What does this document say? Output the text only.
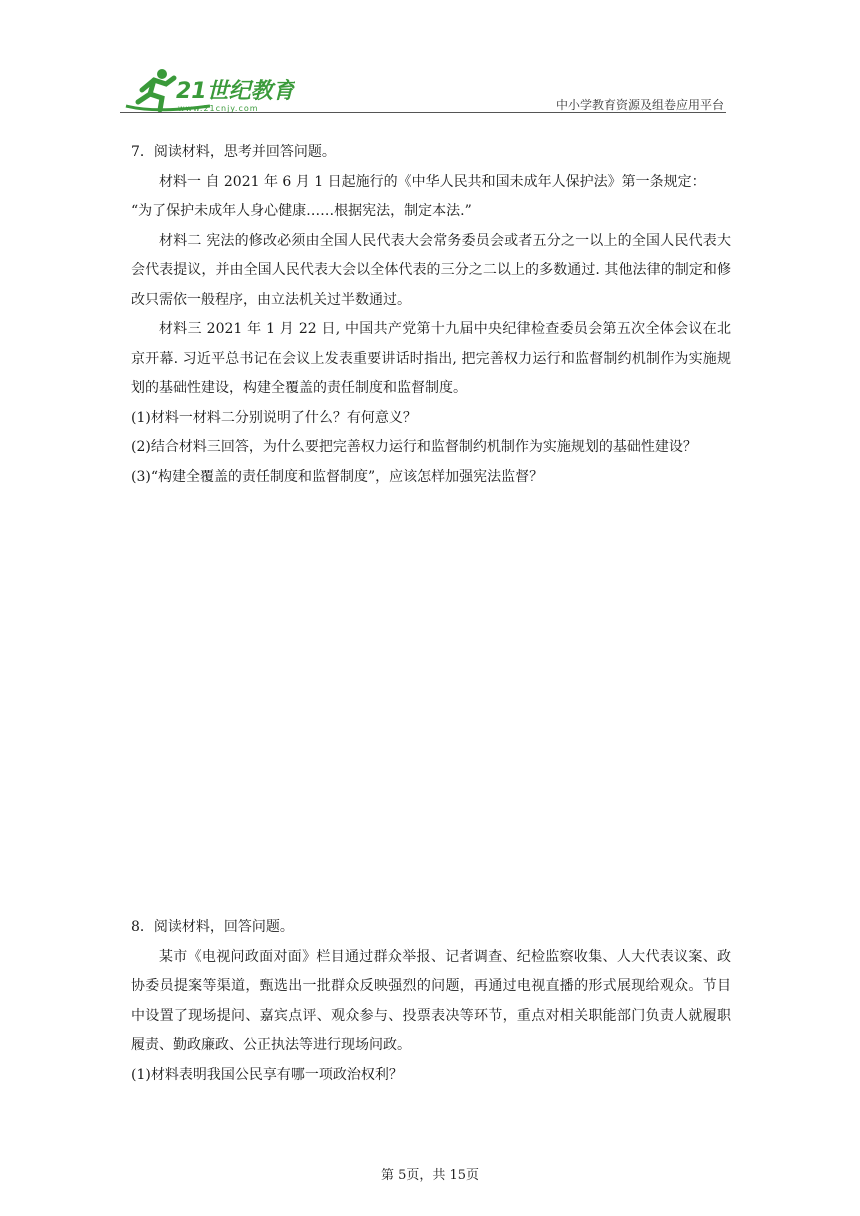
21世纪教育
www.21cnjy.com	中小学教育资源及组卷应用平台

7．阅读材料，思考并回答问题。

材料一 自 2021 年 6 月 1 日起施行的《中华人民共和国未成年人保护法》第一条规定：

“为了保护未成年人身心健康……根据宪法，制定本法.”

材料二 宪法的修改必须由全国人民代表大会常务委员会或者五分之一以上的全国人民代表大会代表提议，并由全国人民代表大会以全体代表的三分之二以上的多数通过. 其他法律的制定和修改只需依一般程序，由立法机关过半数通过。

材料三 2021 年 1 月 22 日, 中国共产党第十九届中央纪律检查委员会第五次全体会议在北京开幕. 习近平总书记在会议上发表重要讲话时指出, 把完善权力运行和监督制约机制作为实施规划的基础性建设，构建全覆盖的责任制度和监督制度。

(1)材料一材料二分别说明了什么？有何意义？

(2)结合材料三回答，为什么要把完善权力运行和监督制约机制作为实施规划的基础性建设？

(3)“构建全覆盖的责任制度和监督制度”，应该怎样加强宪法监督？

8．阅读材料，回答问题。

某市《电视问政面对面》栏目通过群众举报、记者调查、纪检监察收集、人大代表议案、政协委员提案等渠道，甄选出一批群众反映强烈的问题，再通过电视直播的形式展现给观众。节目中设置了现场提问、嘉宾点评、观众参与、投票表决等环节，重点对相关职能部门负责人就履职履责、勤政廉政、公正执法等进行现场问政。

(1)材料表明我国公民享有哪一项政治权利？

第 5页，共 15页
